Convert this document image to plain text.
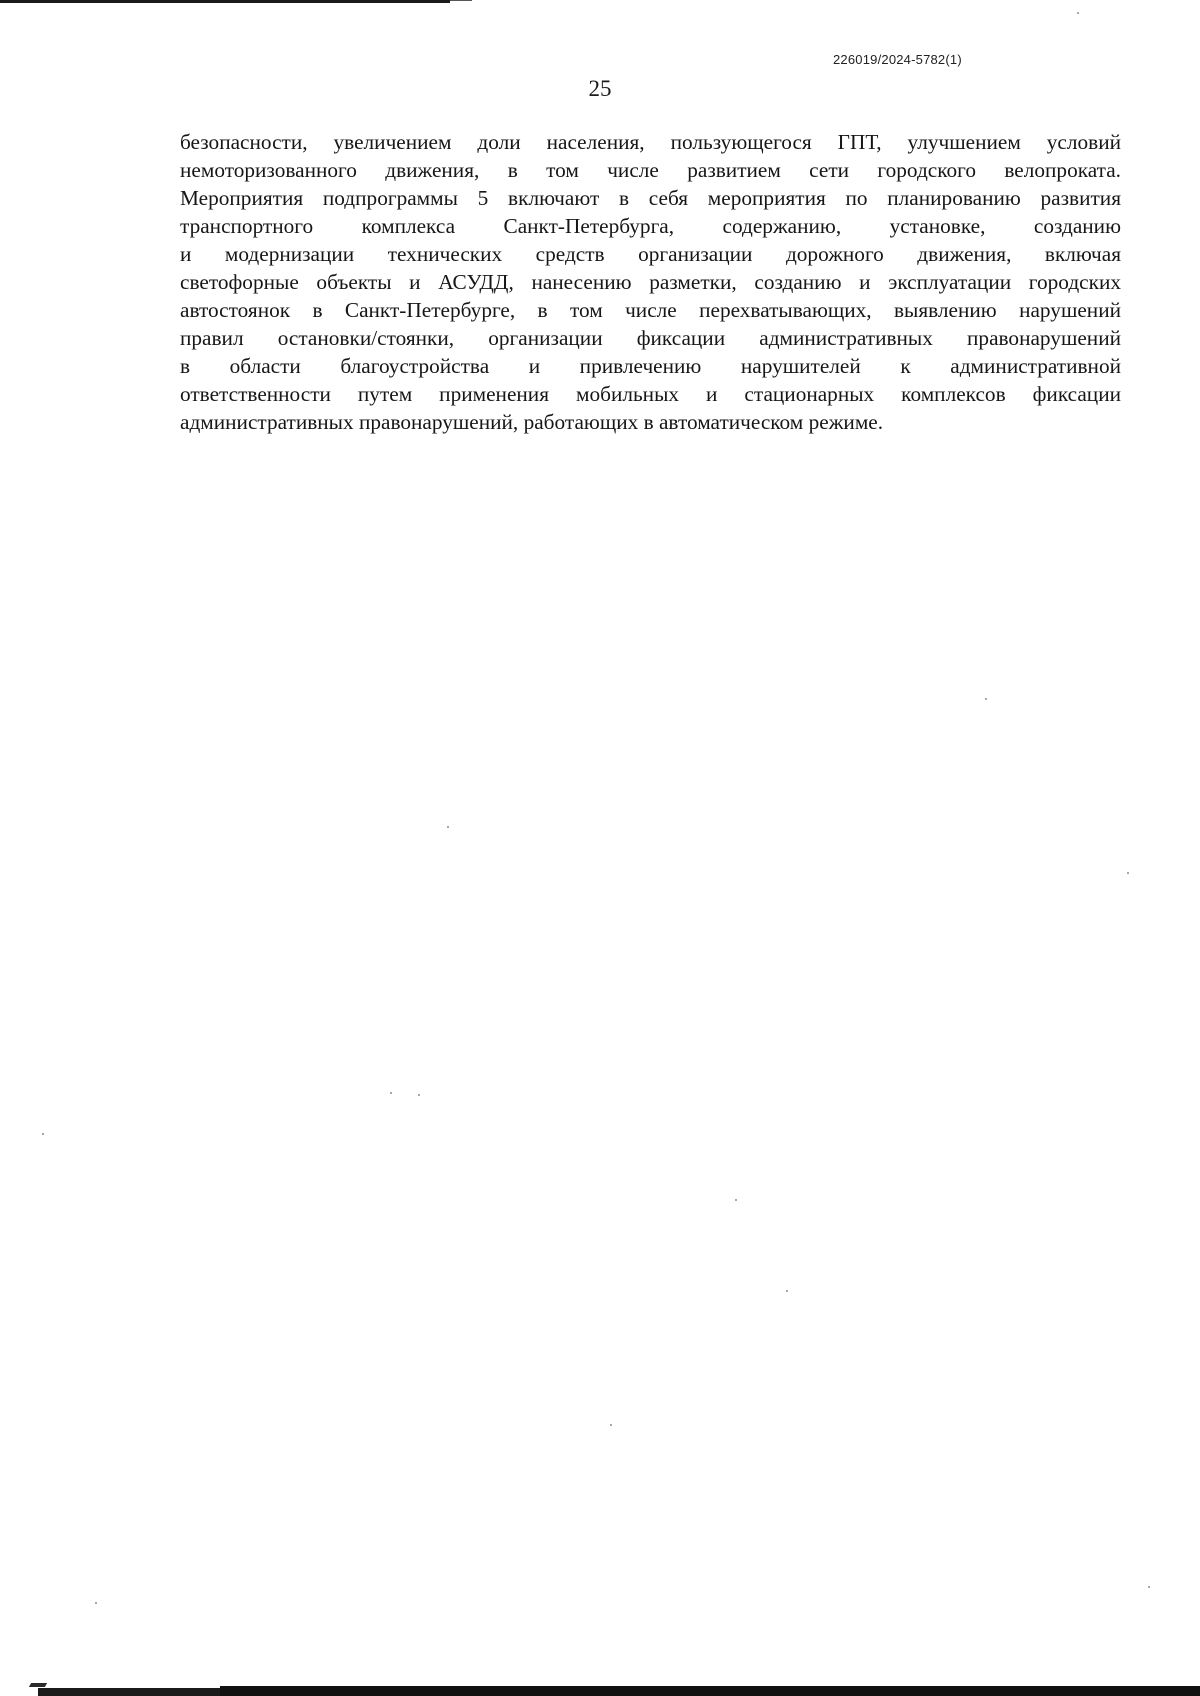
226019/2024-5782(1)
25
безопасности, увеличением доли населения, пользующегося ГПТ, улучшением условий
немоторизованного движения, в том числе развитием сети городского велопроката.
Мероприятия подпрограммы 5 включают в себя мероприятия по планированию развития
транспортного комплекса Санкт-Петербурга, содержанию, установке, созданию
и модернизации технических средств организации дорожного движения, включая
светофорные объекты и АСУДД, нанесению разметки, созданию и эксплуатации городских
автостоянок в Санкт-Петербурге, в том числе перехватывающих, выявлению нарушений
правил остановки/стоянки, организации фиксации административных правонарушений
в области благоустройства и привлечению нарушителей к административной
ответственности путем применения мобильных и стационарных комплексов фиксации
административных правонарушений, работающих в автоматическом режиме.
